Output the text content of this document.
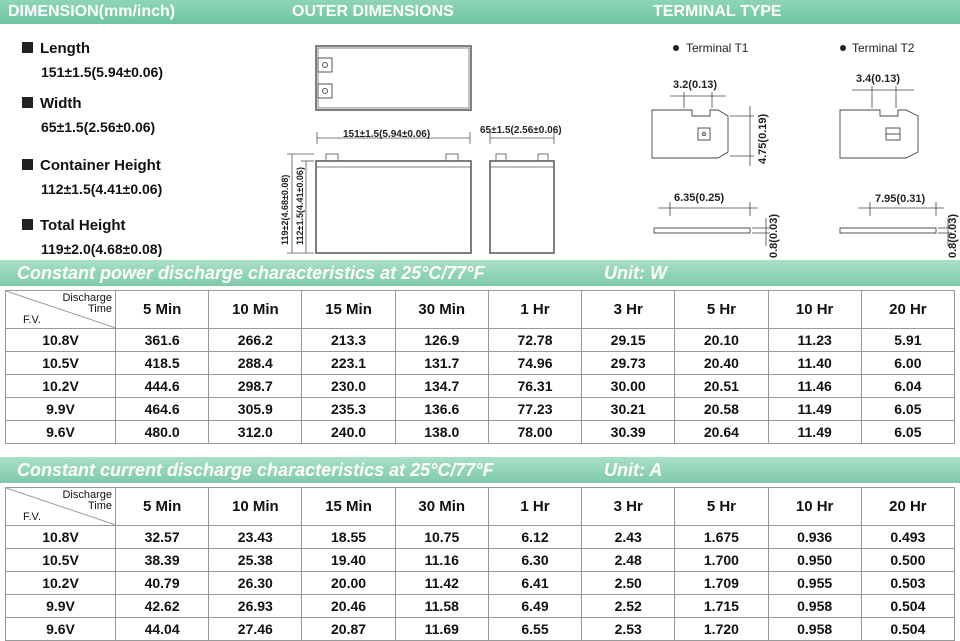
DIMENSION(mm/inch)	OUTER DIMENSIONS	TERMINAL TYPE
Length
151±1.5(5.94±0.06)
Width
65±1.5(2.56±0.06)
Container Height
112±1.5(4.41±0.06)
Total Height
119±2.0(4.68±0.08)
151±1.5(5.94±0.06)
119±2(4.68±0.08) 112±1.5(4.41±0.06)
65±1.5(2.56±0.06)
Terminal T1	Terminal T2
3.2(0.13)
4.75(0.19)
6.35(0.25)
0.8(0.03)
3.4(0.13)
7.95(0.31)
0.8(0.03)
Constant power discharge characteristics at 25°C/77°F	Unit: W
Discharge
Time
F.V.	5 Min	10 Min	15 Min	30 Min	1 Hr	3 Hr	5 Hr	10 Hr	20 Hr
10.8V	361.6	266.2	213.3	126.9	72.78	29.15	20.10	11.23	5.91
10.5V	418.5	288.4	223.1	131.7	74.96	29.73	20.40	11.40	6.00
10.2V	444.6	298.7	230.0	134.7	76.31	30.00	20.51	11.46	6.04
9.9V	464.6	305.9	235.3	136.6	77.23	30.21	20.58	11.49	6.05
9.6V	480.0	312.0	240.0	138.0	78.00	30.39	20.64	11.49	6.05
Constant current discharge characteristics at 25°C/77°F	Unit: A
Discharge
Time
F.V.	5 Min	10 Min	15 Min	30 Min	1 Hr	3 Hr	5 Hr	10 Hr	20 Hr
10.8V	32.57	23.43	18.55	10.75	6.12	2.43	1.675	0.936	0.493
10.5V	38.39	25.38	19.40	11.16	6.30	2.48	1.700	0.950	0.500
10.2V	40.79	26.30	20.00	11.42	6.41	2.50	1.709	0.955	0.503
9.9V	42.62	26.93	20.46	11.58	6.49	2.52	1.715	0.958	0.504
9.6V	44.04	27.46	20.87	11.69	6.55	2.53	1.720	0.958	0.504
